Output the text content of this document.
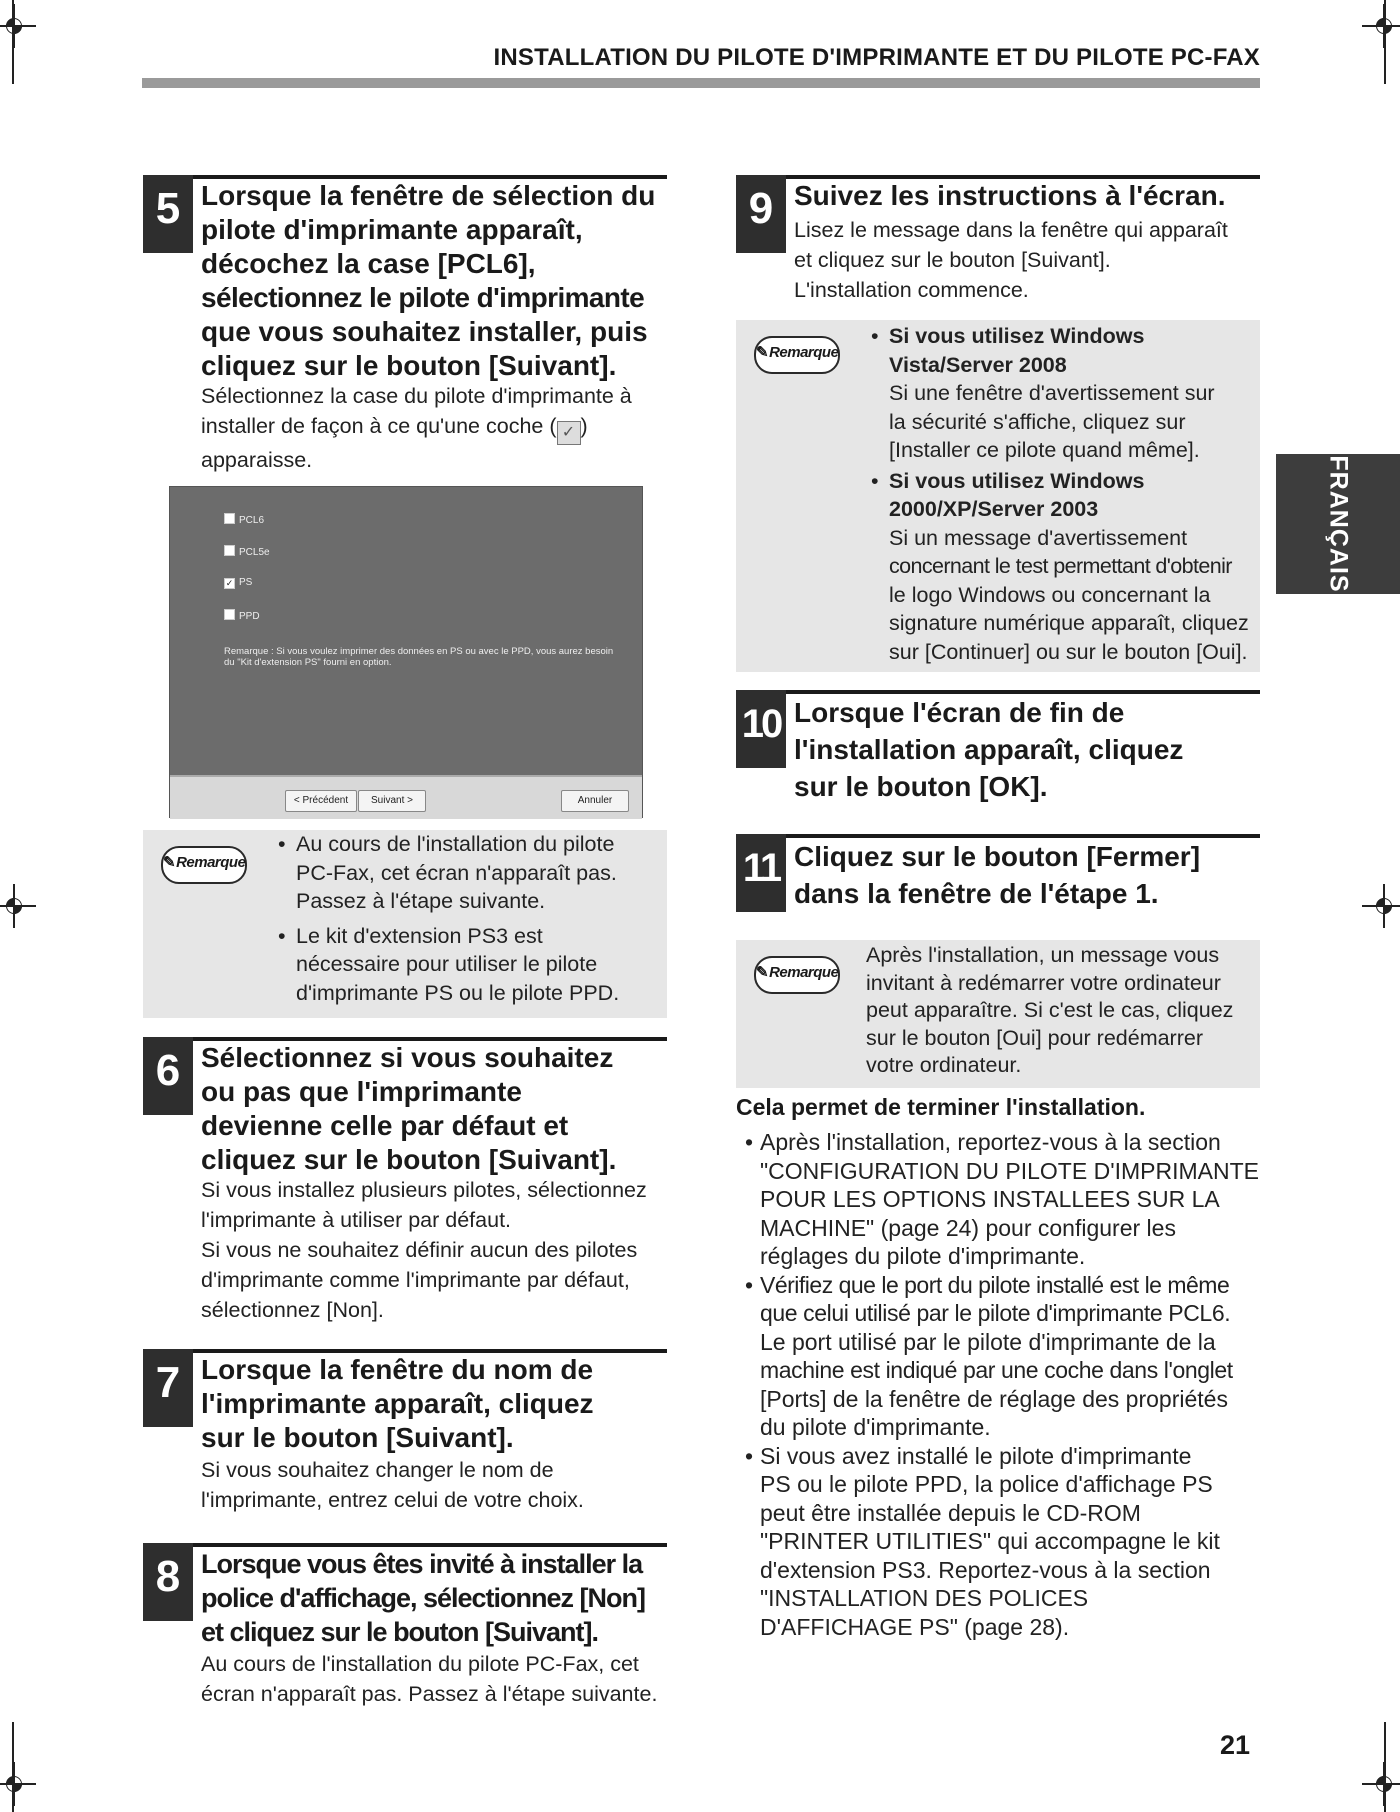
INSTALLATION DU PILOTE D'IMPRIMANTE ET DU PILOTE PC-FAX
FRANÇAIS
5 Lorsque la fenêtre de sélection du
pilote d'imprimante apparaît,
décochez la case [PCL6],
sélectionnez le pilote d'imprimante
que vous souhaitez installer, puis
cliquez sur le bouton [Suivant].
Sélectionnez la case du pilote d'imprimante à
installer de façon à ce qu'une coche ( ✓ )
apparaisse.
PCL6
PCL5e
✓ PS
PPD
Remarque : Si vous voulez imprimer des données en PS ou avec le PPD, vous aurez besoin du "Kit d'extension PS" fourni en option.
< Précédent	Suivant >	Annuler
✎ Remarque
• Au cours de l'installation du pilote
PC-Fax, cet écran n'apparaît pas.
Passez à l'étape suivante.
• Le kit d'extension PS3 est
nécessaire pour utiliser le pilote
d'imprimante PS ou le pilote PPD.
6 Sélectionnez si vous souhaitez
ou pas que l'imprimante
devienne celle par défaut et
cliquez sur le bouton [Suivant].
Si vous installez plusieurs pilotes, sélectionnez
l'imprimante à utiliser par défaut.
Si vous ne souhaitez définir aucun des pilotes
d'imprimante comme l'imprimante par défaut,
sélectionnez [Non].
7 Lorsque la fenêtre du nom de
l'imprimante apparaît, cliquez
sur le bouton [Suivant].
Si vous souhaitez changer le nom de
l'imprimante, entrez celui de votre choix.
8 Lorsque vous êtes invité à installer la
police d'affichage, sélectionnez [Non]
et cliquez sur le bouton [Suivant].
Au cours de l'installation du pilote PC-Fax, cet
écran n'apparaît pas. Passez à l'étape suivante.
9 Suivez les instructions à l'écran.
Lisez le message dans la fenêtre qui apparaît
et cliquez sur le bouton [Suivant].
L'installation commence.
✎ Remarque
• Si vous utilisez Windows
Vista/Server 2008
Si une fenêtre d'avertissement sur
la sécurité s'affiche, cliquez sur
[Installer ce pilote quand même].
• Si vous utilisez Windows
2000/XP/Server 2003
Si un message d'avertissement
concernant le test permettant d'obtenir
le logo Windows ou concernant la
signature numérique apparaît, cliquez
sur [Continuer] ou sur le bouton [Oui].
10 Lorsque l'écran de fin de
l'installation apparaît, cliquez
sur le bouton [OK].
11 Cliquez sur le bouton [Fermer]
dans la fenêtre de l'étape 1.
✎ Remarque

Après l'installation, un message vous
invitant à redémarrer votre ordinateur
peut apparaître. Si c'est le cas, cliquez
sur le bouton [Oui] pour redémarrer
votre ordinateur.

Cela permet de terminer l'installation.
• Après l'installation, reportez-vous à la section
"CONFIGURATION DU PILOTE D'IMPRIMANTE
POUR LES OPTIONS INSTALLEES SUR LA
MACHINE" (page 24) pour configurer les
réglages du pilote d'imprimante.
• Vérifiez que le port du pilote installé est le même
que celui utilisé par le pilote d'imprimante PCL6.
Le port utilisé par le pilote d'imprimante de la
machine est indiqué par une coche dans l'onglet
[Ports] de la fenêtre de réglage des propriétés
du pilote d'imprimante.
• Si vous avez installé le pilote d'imprimante
PS ou le pilote PPD, la police d'affichage PS
peut être installée depuis le CD-ROM
"PRINTER UTILITIES" qui accompagne le kit
d'extension PS3. Reportez-vous à la section
"INSTALLATION DES POLICES
D'AFFICHAGE PS" (page 28).
21
